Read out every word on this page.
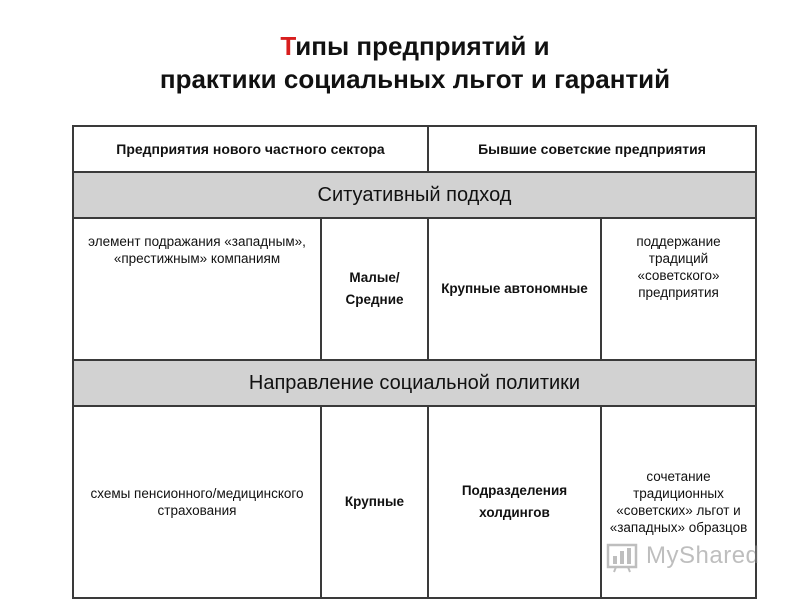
Типы предприятий и
практики социальных льгот и гарантий
Предприятия нового частного сектора		Бывшие советские предприятия	
Ситуативный подход			
элемент подражания «западным», «престижным» компаниям	Малые/ Средние	Крупные автономные	поддержание традиций «советского» предприятия
Направление социальной политики			
схемы пенсионного/медицинского страхования	Крупные	Подразделения холдингов	сочетание традиционных «советских» льгот и «западных» образцов
MyShared
